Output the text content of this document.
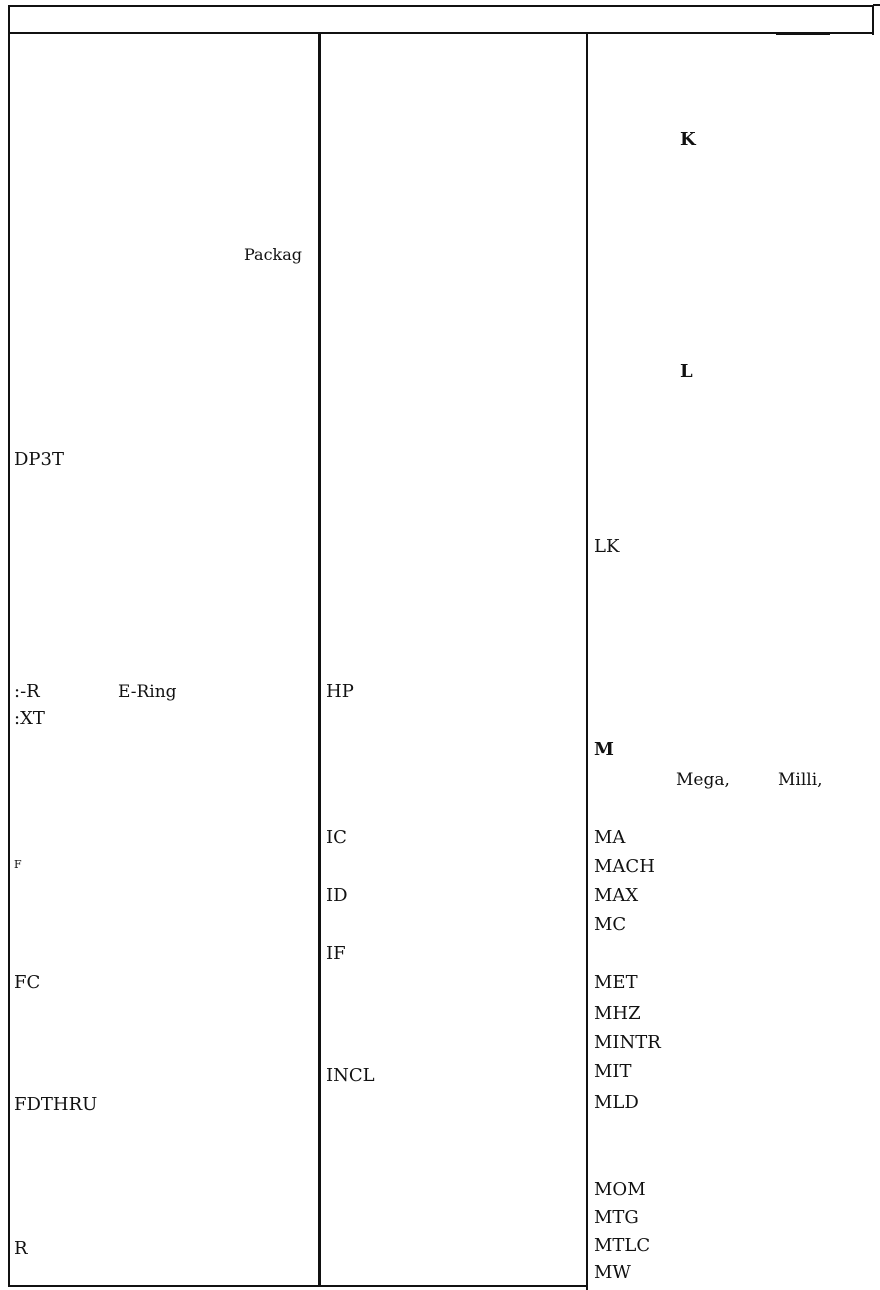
Packag
DP3T
:-R	E-Ring
:XT
F
FC
FDTHRU
R
HP
IC
ID
IF
INCL
K
L
LK
M
Mega,	Milli,
MA
MACH
MAX
MC
MET
MHZ
MINTR
MIT
MLD
MOM
MTG
MTLC
MW
